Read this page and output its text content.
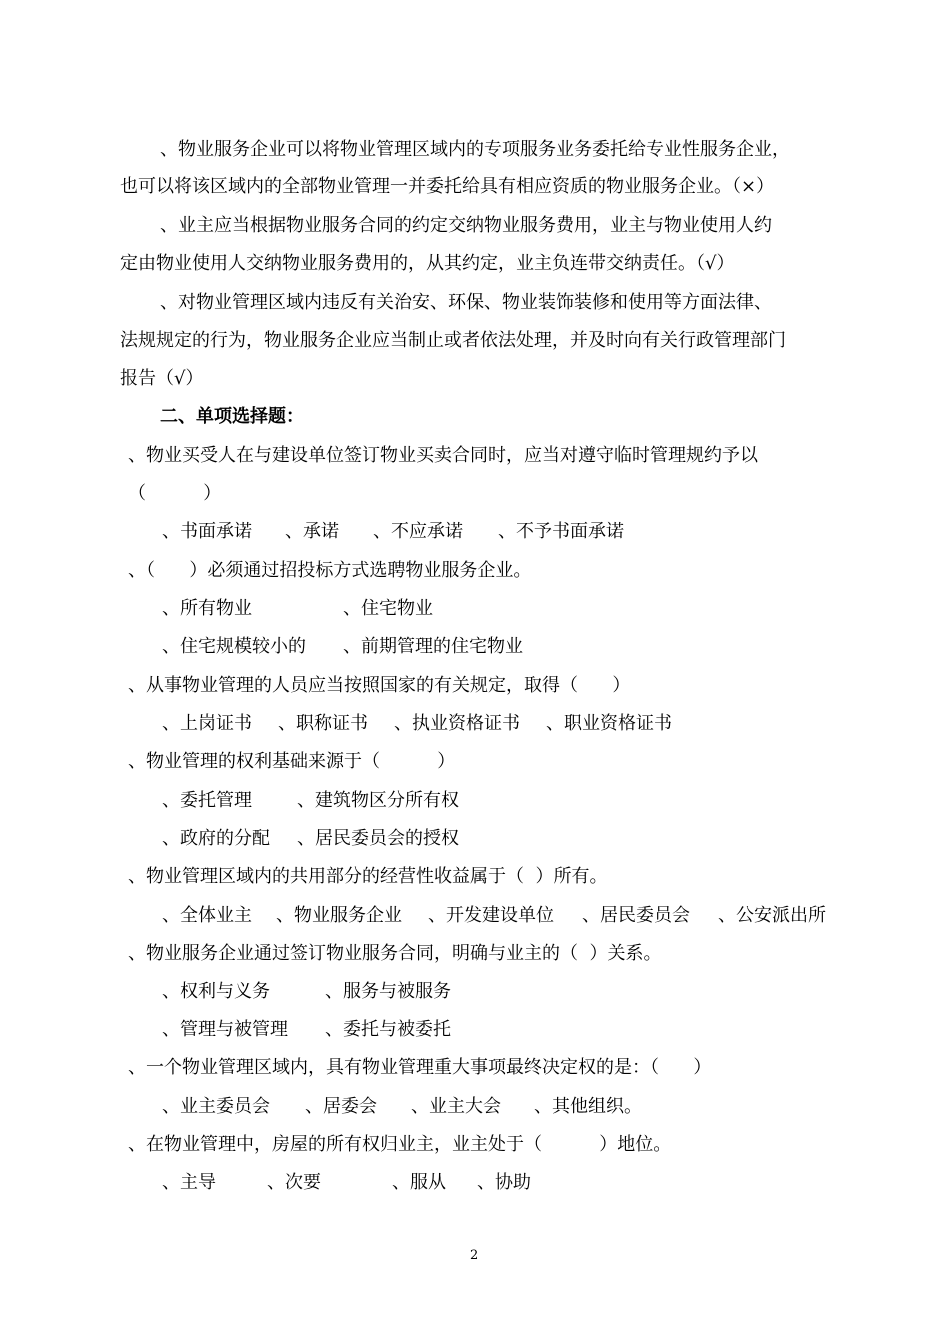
、物业服务企业可以将物业管理区域内的专项服务业务委托给专业性服务企业，
也可以将该区域内的全部物业管理一并委托给具有相应资质的物业服务企业。（×）
、业主应当根据物业服务合同的约定交纳物业服务费用，业主与物业使用人约
定由物业使用人交纳物业服务费用的，从其约定，业主负连带交纳责任。（√）
、对物业管理区域内违反有关治安、环保、物业装饰装修和使用等方面法律、
法规规定的行为，物业服务企业应当制止或者依法处理，并及时向有关行政管理部门
报告（√）
二、单项选择题：
、物业买受人在与建设单位签订物业买卖合同时，应当对遵守临时管理规约予以
（          ）
、书面承诺 、承诺 、不应承诺 、不予书面承诺
、（      ）必须通过招投标方式选聘物业服务企业。
、所有物业	、住宅物业
、住宅规模较小的 、前期管理的住宅物业
、从事物业管理的人员应当按照国家的有关规定，取得（      ）
、上岗证书 、职称证书 、执业资格证书 、职业资格证书
、物业管理的权利基础来源于（          ）
、委托管理	、建筑物区分所有权
、政府的分配 、居民委员会的授权
、物业管理区域内的共用部分的经营性收益属于（  ）所有。
、全体业主 、物业服务企业 、开发建设单位 、居民委员会 、公安派出所
、物业服务企业通过签订物业服务合同，明确与业主的（  ）关系。
、权利与义务	、服务与被服务
、管理与被管理 、委托与被委托
、一个物业管理区域内，具有物业管理重大事项最终决定权的是：（      ）
、业主委员会 、居委会 、业主大会 、其他组织。
、在物业管理中，房屋的所有权归业主，业主处于（          ）地位。
、主导	、次要	、服从 、协助
2
